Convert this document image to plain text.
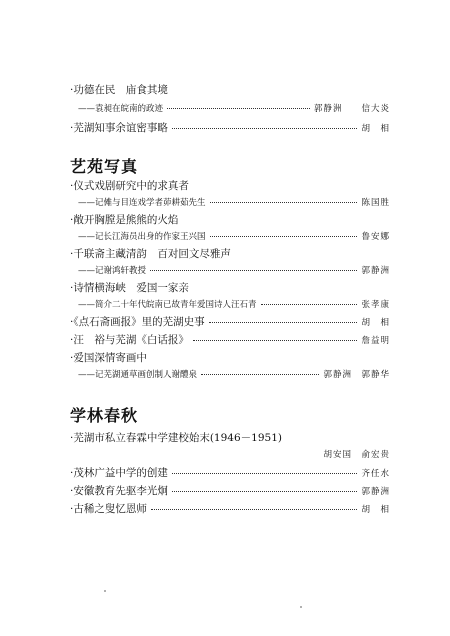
·功德在民　庙食其境
——袁昶在皖南的政迹	郭静洲　　信大炎
·芜湖知事余谊密事略	胡　相
艺苑写真
·仪式戏剧研究中的求真者
——记傩与目连戏学者茆耕茹先生	陈国胜
·敞开胸膛是熊熊的火焰
——记长江海员出身的作家王兴国	鲁安娜
·千联斋主藏清韵　百对回文尽雅声
——记谢鸿轩教授	郭静洲
·诗情横海峡　爱国一家亲
——简介二十年代皖南已故青年爱国诗人汪石青	张孝康
·《点石斋画报》里的芜湖史事	胡　相
·汪　裕与芜湖《白话报》	詹益明
·爱国深情寄画中
——记芜湖通草画创制人谢醴泉	郭静洲　郭静华
学林春秋
·芜湖市私立春霖中学建校始末(1946－1951)
胡安国　俞宏贵
·茂林广益中学的创建	齐任水
·安徽教育先驱李光炯	郭静洲
·古稀之叟忆恩师	胡　相
